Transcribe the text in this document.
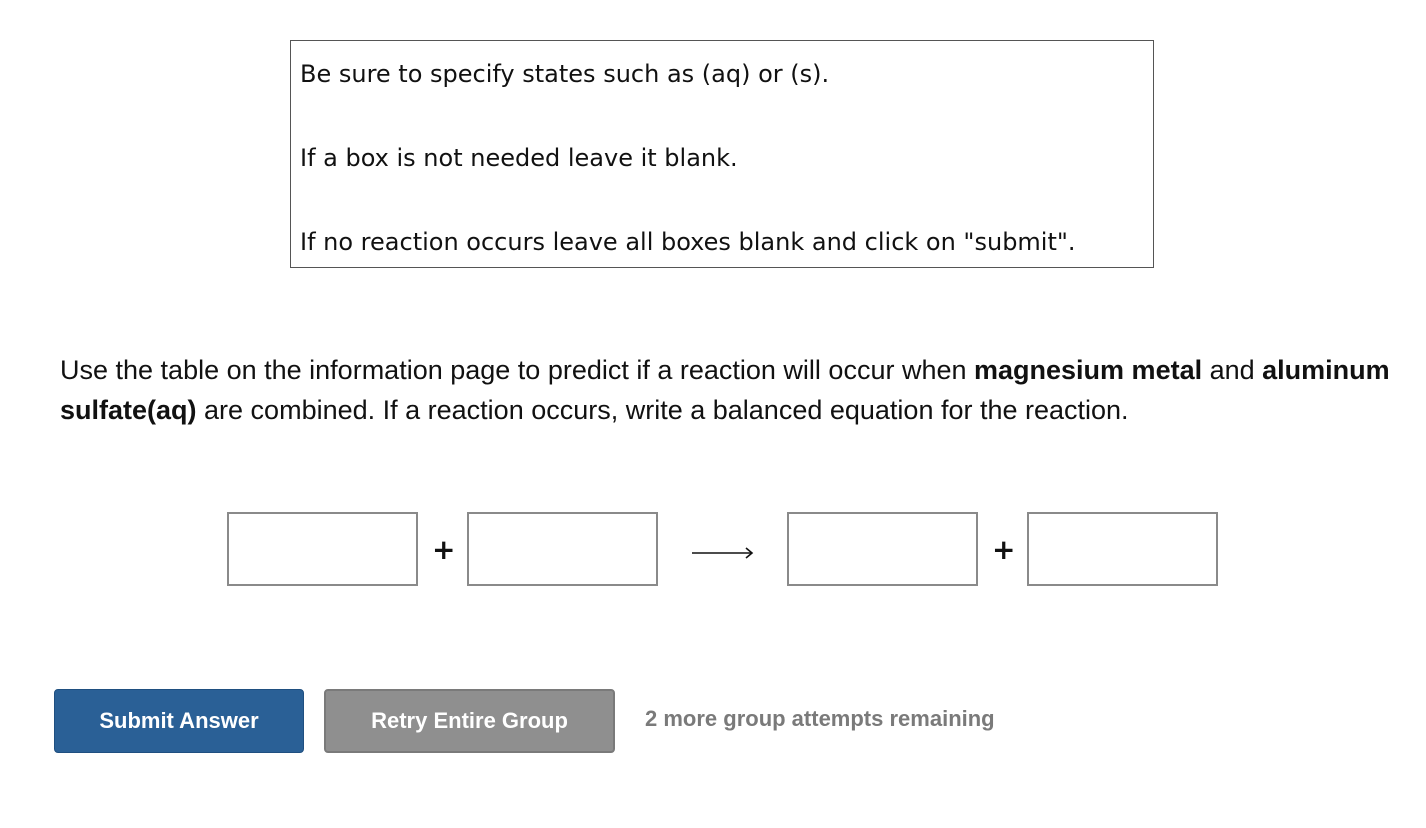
Be sure to specify states such as (aq) or (s).

If a box is not needed leave it blank.

If no reaction occurs leave all boxes blank and click on "submit".

Use the table on the information page to predict if a reaction will occur when magnesium metal and aluminum sulfate(aq) are combined. If a reaction occurs, write a balanced equation for the reaction.

+	+
Submit Answer	Retry Entire Group	2 more group attempts remaining
